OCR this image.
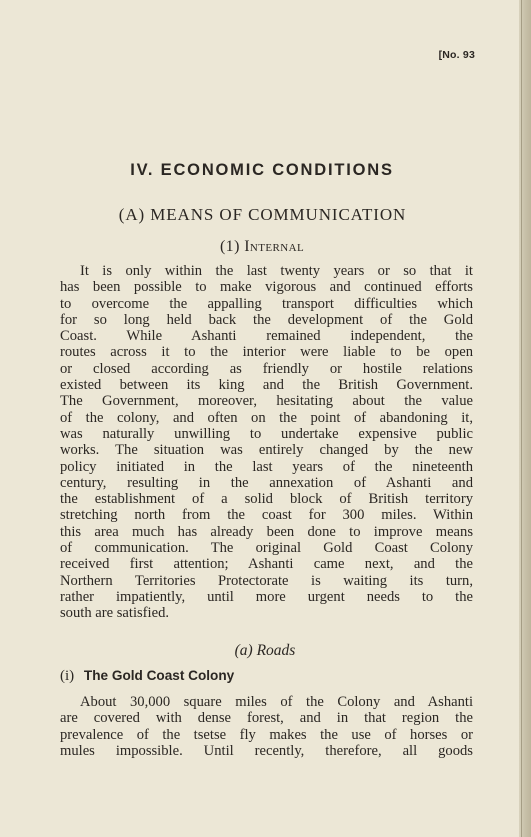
[No. 93
IV. ECONOMIC CONDITIONS
(A) MEANS OF COMMUNICATION
(1) Internal
It is only within the last twenty years or so that it
has been possible to make vigorous and continued efforts
to overcome the appalling transport difficulties which
for so long held back the development of the Gold
Coast. While Ashanti remained independent, the
routes across it to the interior were liable to be open
or closed according as friendly or hostile relations
existed between its king and the British Government.
The Government, moreover, hesitating about the value
of the colony, and often on the point of abandoning it,
was naturally unwilling to undertake expensive public
works. The situation was entirely changed by the new
policy initiated in the last years of the nineteenth
century, resulting in the annexation of Ashanti and
the establishment of a solid block of British territory
stretching north from the coast for 300 miles. Within
this area much has already been done to improve means
of communication. The original Gold Coast Colony
received first attention; Ashanti came next, and the
Northern Territories Protectorate is waiting its turn,
rather impatiently, until more urgent needs to the
south are satisfied.
(a) Roads
(i) The Gold Coast Colony
About 30,000 square miles of the Colony and Ashanti
are covered with dense forest, and in that region the
prevalence of the tsetse fly makes the use of horses or
mules impossible. Until recently, therefore, all goods
